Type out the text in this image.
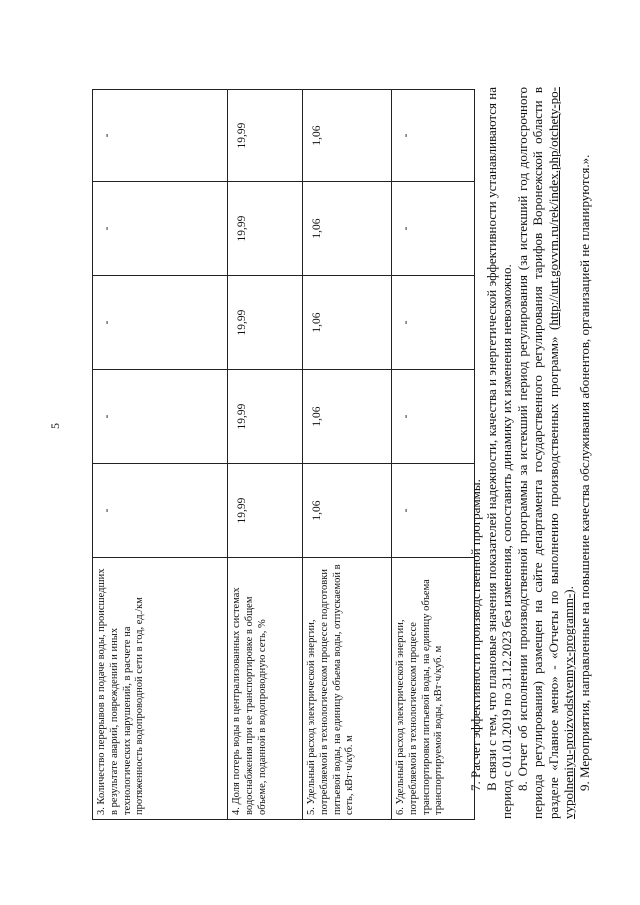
5
3. Количество перерывов в подаче воды, происшедших в результате аварий, повреждений и иных технологических нарушений, в расчете на протяженность водопроводной сети в год, ед./км	-	-	-	-	-
4. Доля потерь воды в централизованных системах водоснабжения при ее транспортировке в общем объеме, поданной в водопроводную сеть, %	19,99	19,99	19,99	19,99	19,99
5. Удельный расход электрической энергии, потребляемой в технологическом процессе подготовки питьевой воды, на единицу объема воды, отпускаемой в сеть, кВт·ч/куб. м	1,06	1,06	1,06	1,06	1,06
6. Удельный расход электрической энергии, потребляемой в технологическом процессе транспортировки питьевой воды, на единицу объема транспортируемой воды, кВт·ч/куб. м	-	-	-	-	-

7. Расчет эффективности производственной программы. В связи с тем, что плановые значения показателей надежности, качества и энергетической эффективности устанавливаются на период с 01.01.2019 по 31.12.2023 без изменения, сопоставить динамику их изменения невозможно. 8. Отчет об исполнении производственной программы за истекший период регулирования (за истекший год долгосрочного периода регулирования) размещен на сайте департамента государственного регулирования тарифов Воронежской области в разделе «Главное меню» - «Отчеты по выполнению производственных программ» (http://urt.govvrn.ru/rek/index.php/otchety-po-vypolneniyu-proizvodstvennyx-programm-). 9. Мероприятия, направленные на повышение качества обслуживания абонентов, организацией не планируются.».
